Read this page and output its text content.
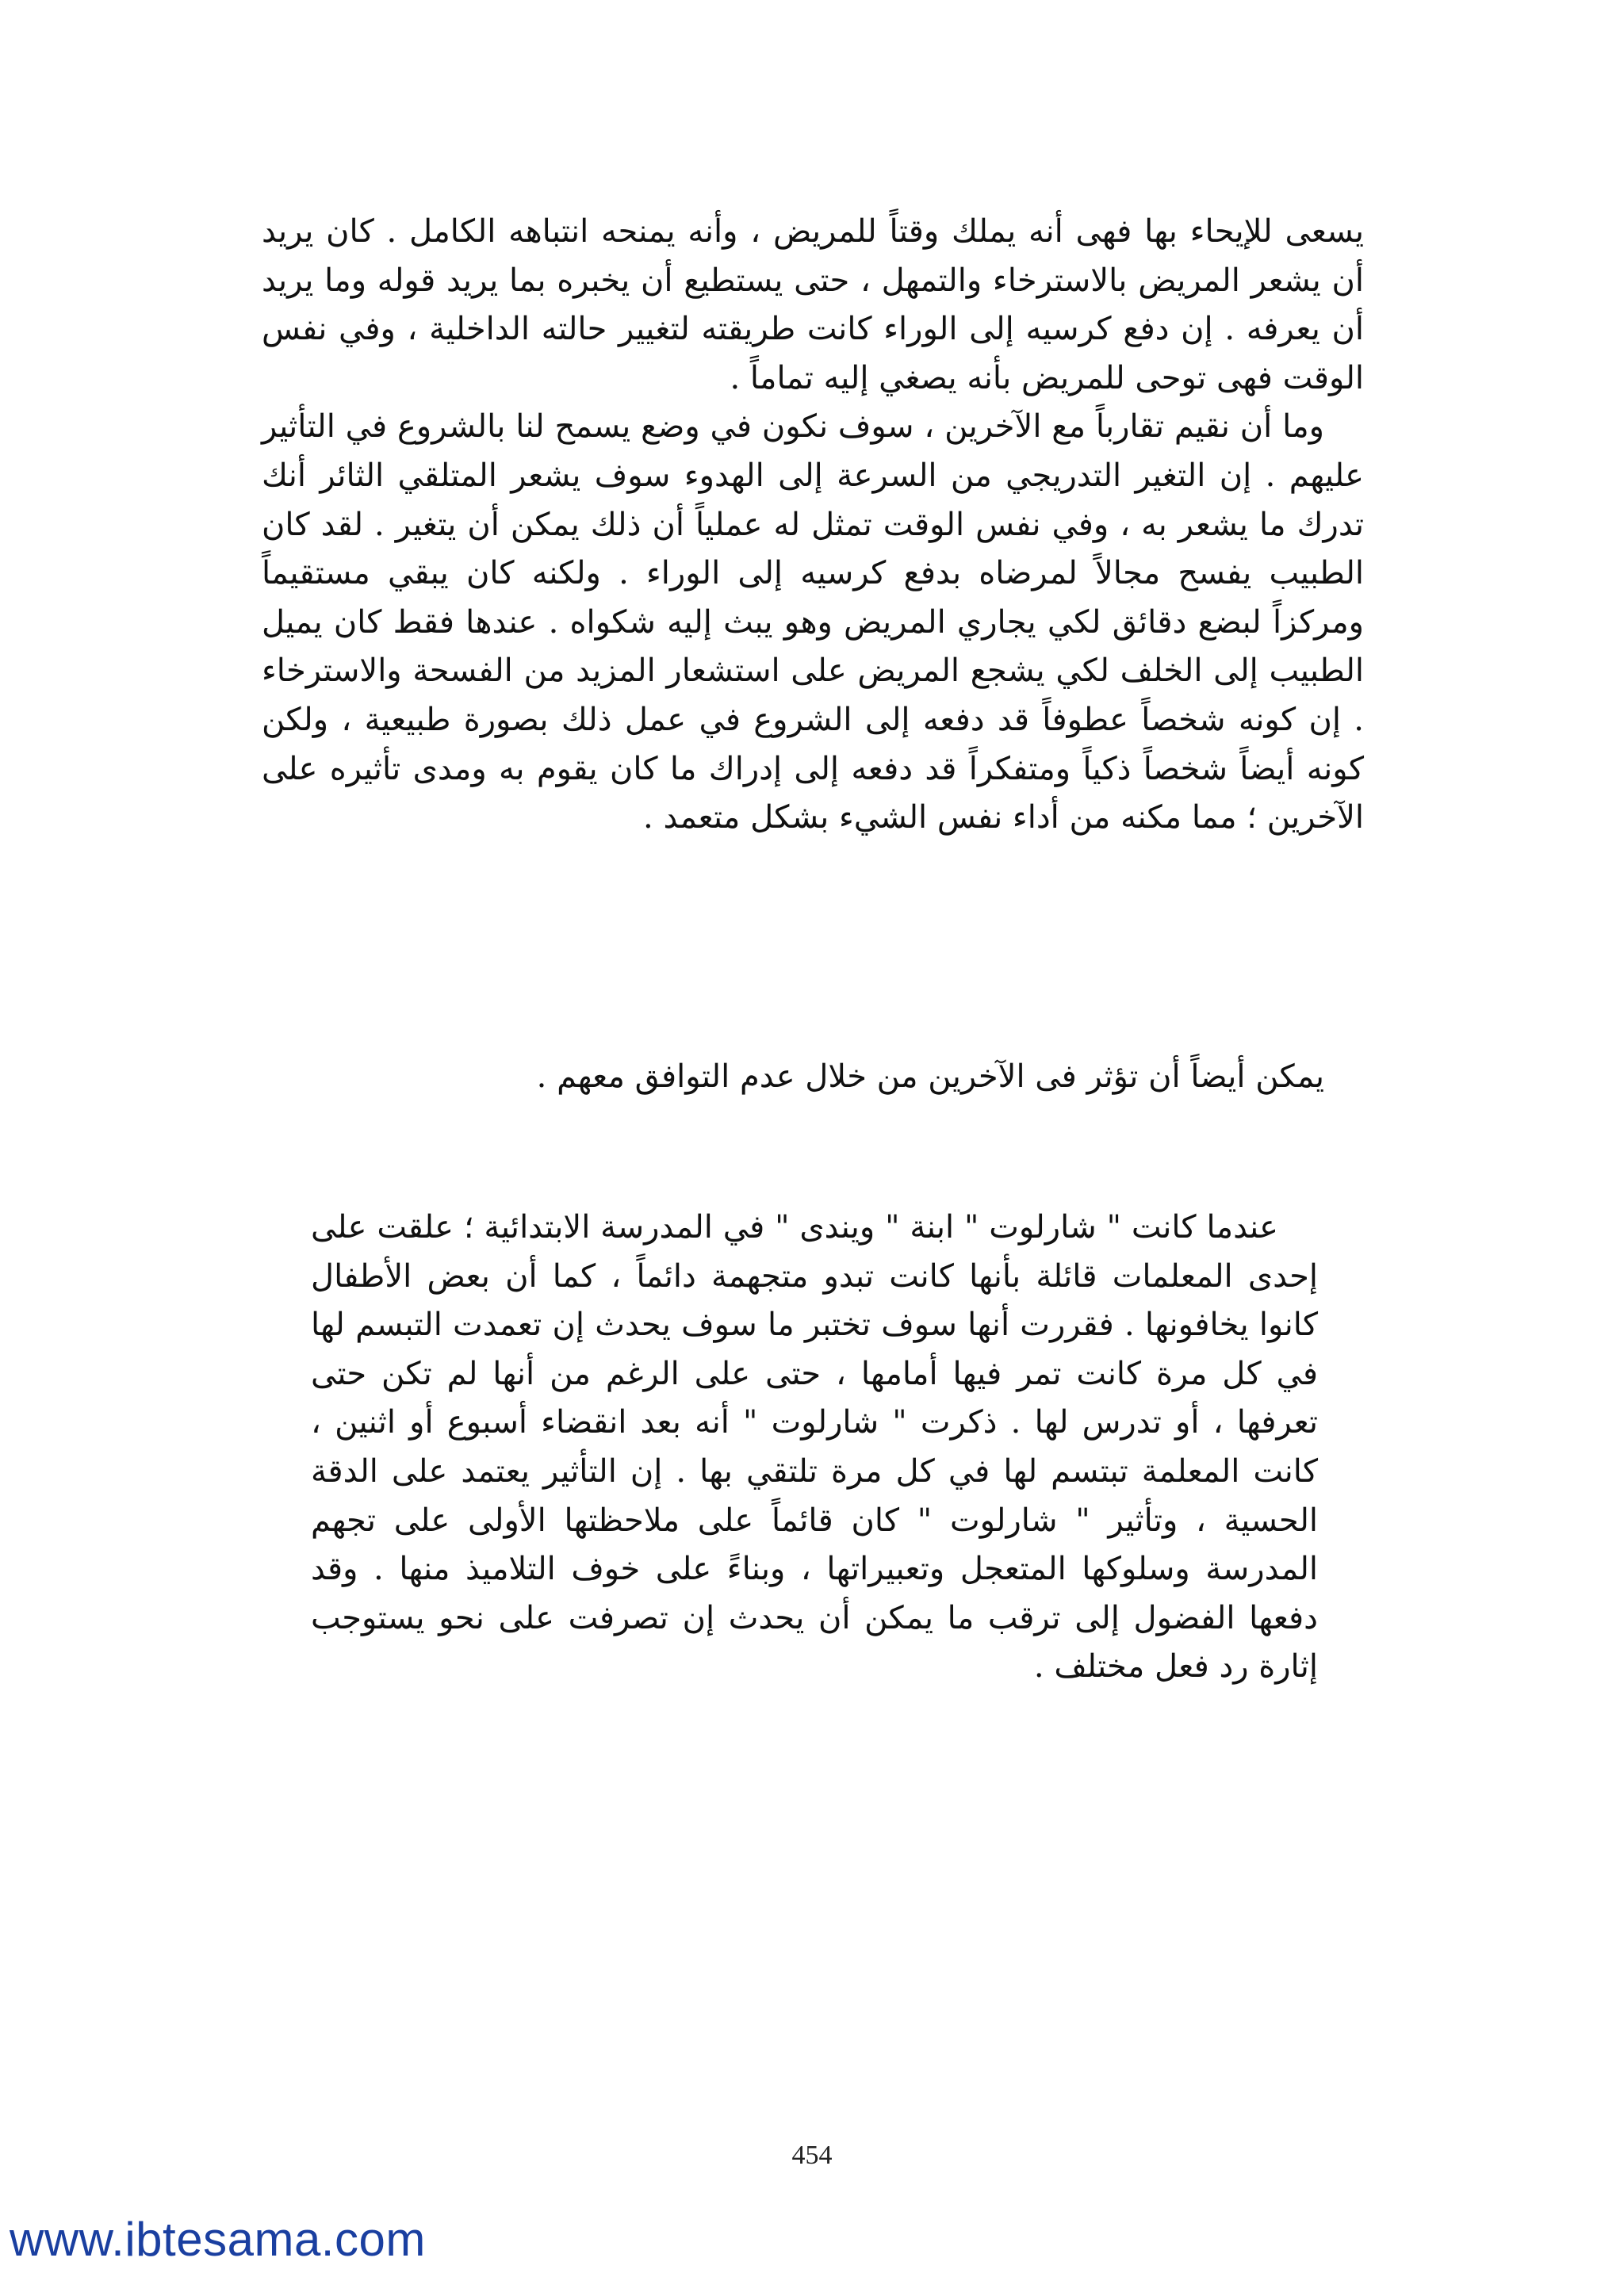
يسعى للإيحاء بها فهى أنه يملك وقتاً للمريض ، وأنه يمنحه انتباهه الكامل . كان يريد أن يشعر المريض بالاسترخاء والتمهل ، حتى يستطيع أن يخبره بما يريد قوله وما يريد أن يعرفه . إن دفع كرسيه إلى الوراء كانت طريقته لتغيير حالته الداخلية ، وفي نفس الوقت فهى توحى للمريض بأنه يصغي إليه تماماً .

وما أن نقيم تقارباً مع الآخرين ، سوف نكون في وضع يسمح لنا بالشروع في التأثير عليهم . إن التغير التدريجي من السرعة إلى الهدوء سوف يشعر المتلقي الثائر أنك تدرك ما يشعر به ، وفي نفس الوقت تمثل له عملياً أن ذلك يمكن أن يتغير . لقد كان الطبيب يفسح مجالاً لمرضاه بدفع كرسيه إلى الوراء . ولكنه كان يبقي مستقيماً ومركزاً لبضع دقائق لكي يجاري المريض وهو يبث إليه شكواه . عندها فقط كان يميل الطبيب إلى الخلف لكي يشجع المريض على استشعار المزيد من الفسحة والاسترخاء . إن كونه شخصاً عطوفاً قد دفعه إلى الشروع في عمل ذلك بصورة طبيعية ، ولكن كونه أيضاً شخصاً ذكياً ومتفكراً قد دفعه إلى إدراك ما كان يقوم به ومدى تأثيره على الآخرين ؛ مما مكنه من أداء نفس الشيء بشكل متعمد .

يمكن أيضاً أن تؤثر فى الآخرين من خلال عدم التوافق معهم .

عندما كانت " شارلوت " ابنة " ويندى " في المدرسة الابتدائية ؛ علقت على إحدى المعلمات قائلة بأنها كانت تبدو متجهمة دائماً ، كما أن بعض الأطفال كانوا يخافونها . فقررت أنها سوف تختبر ما سوف يحدث إن تعمدت التبسم لها في كل مرة كانت تمر فيها أمامها ، حتى على الرغم من أنها لم تكن حتى تعرفها ، أو تدرس لها . ذكرت " شارلوت " أنه بعد انقضاء أسبوع أو اثنين ، كانت المعلمة تبتسم لها في كل مرة تلتقي بها . إن التأثير يعتمد على الدقة الحسية ، وتأثير " شارلوت " كان قائماً على ملاحظتها الأولى على تجهم المدرسة وسلوكها المتعجل وتعبيراتها ، وبناءً على خوف التلاميذ منها . وقد دفعها الفضول إلى ترقب ما يمكن أن يحدث إن تصرفت على نحو يستوجب إثارة رد فعل مختلف .

454
www.ibtesama.com
